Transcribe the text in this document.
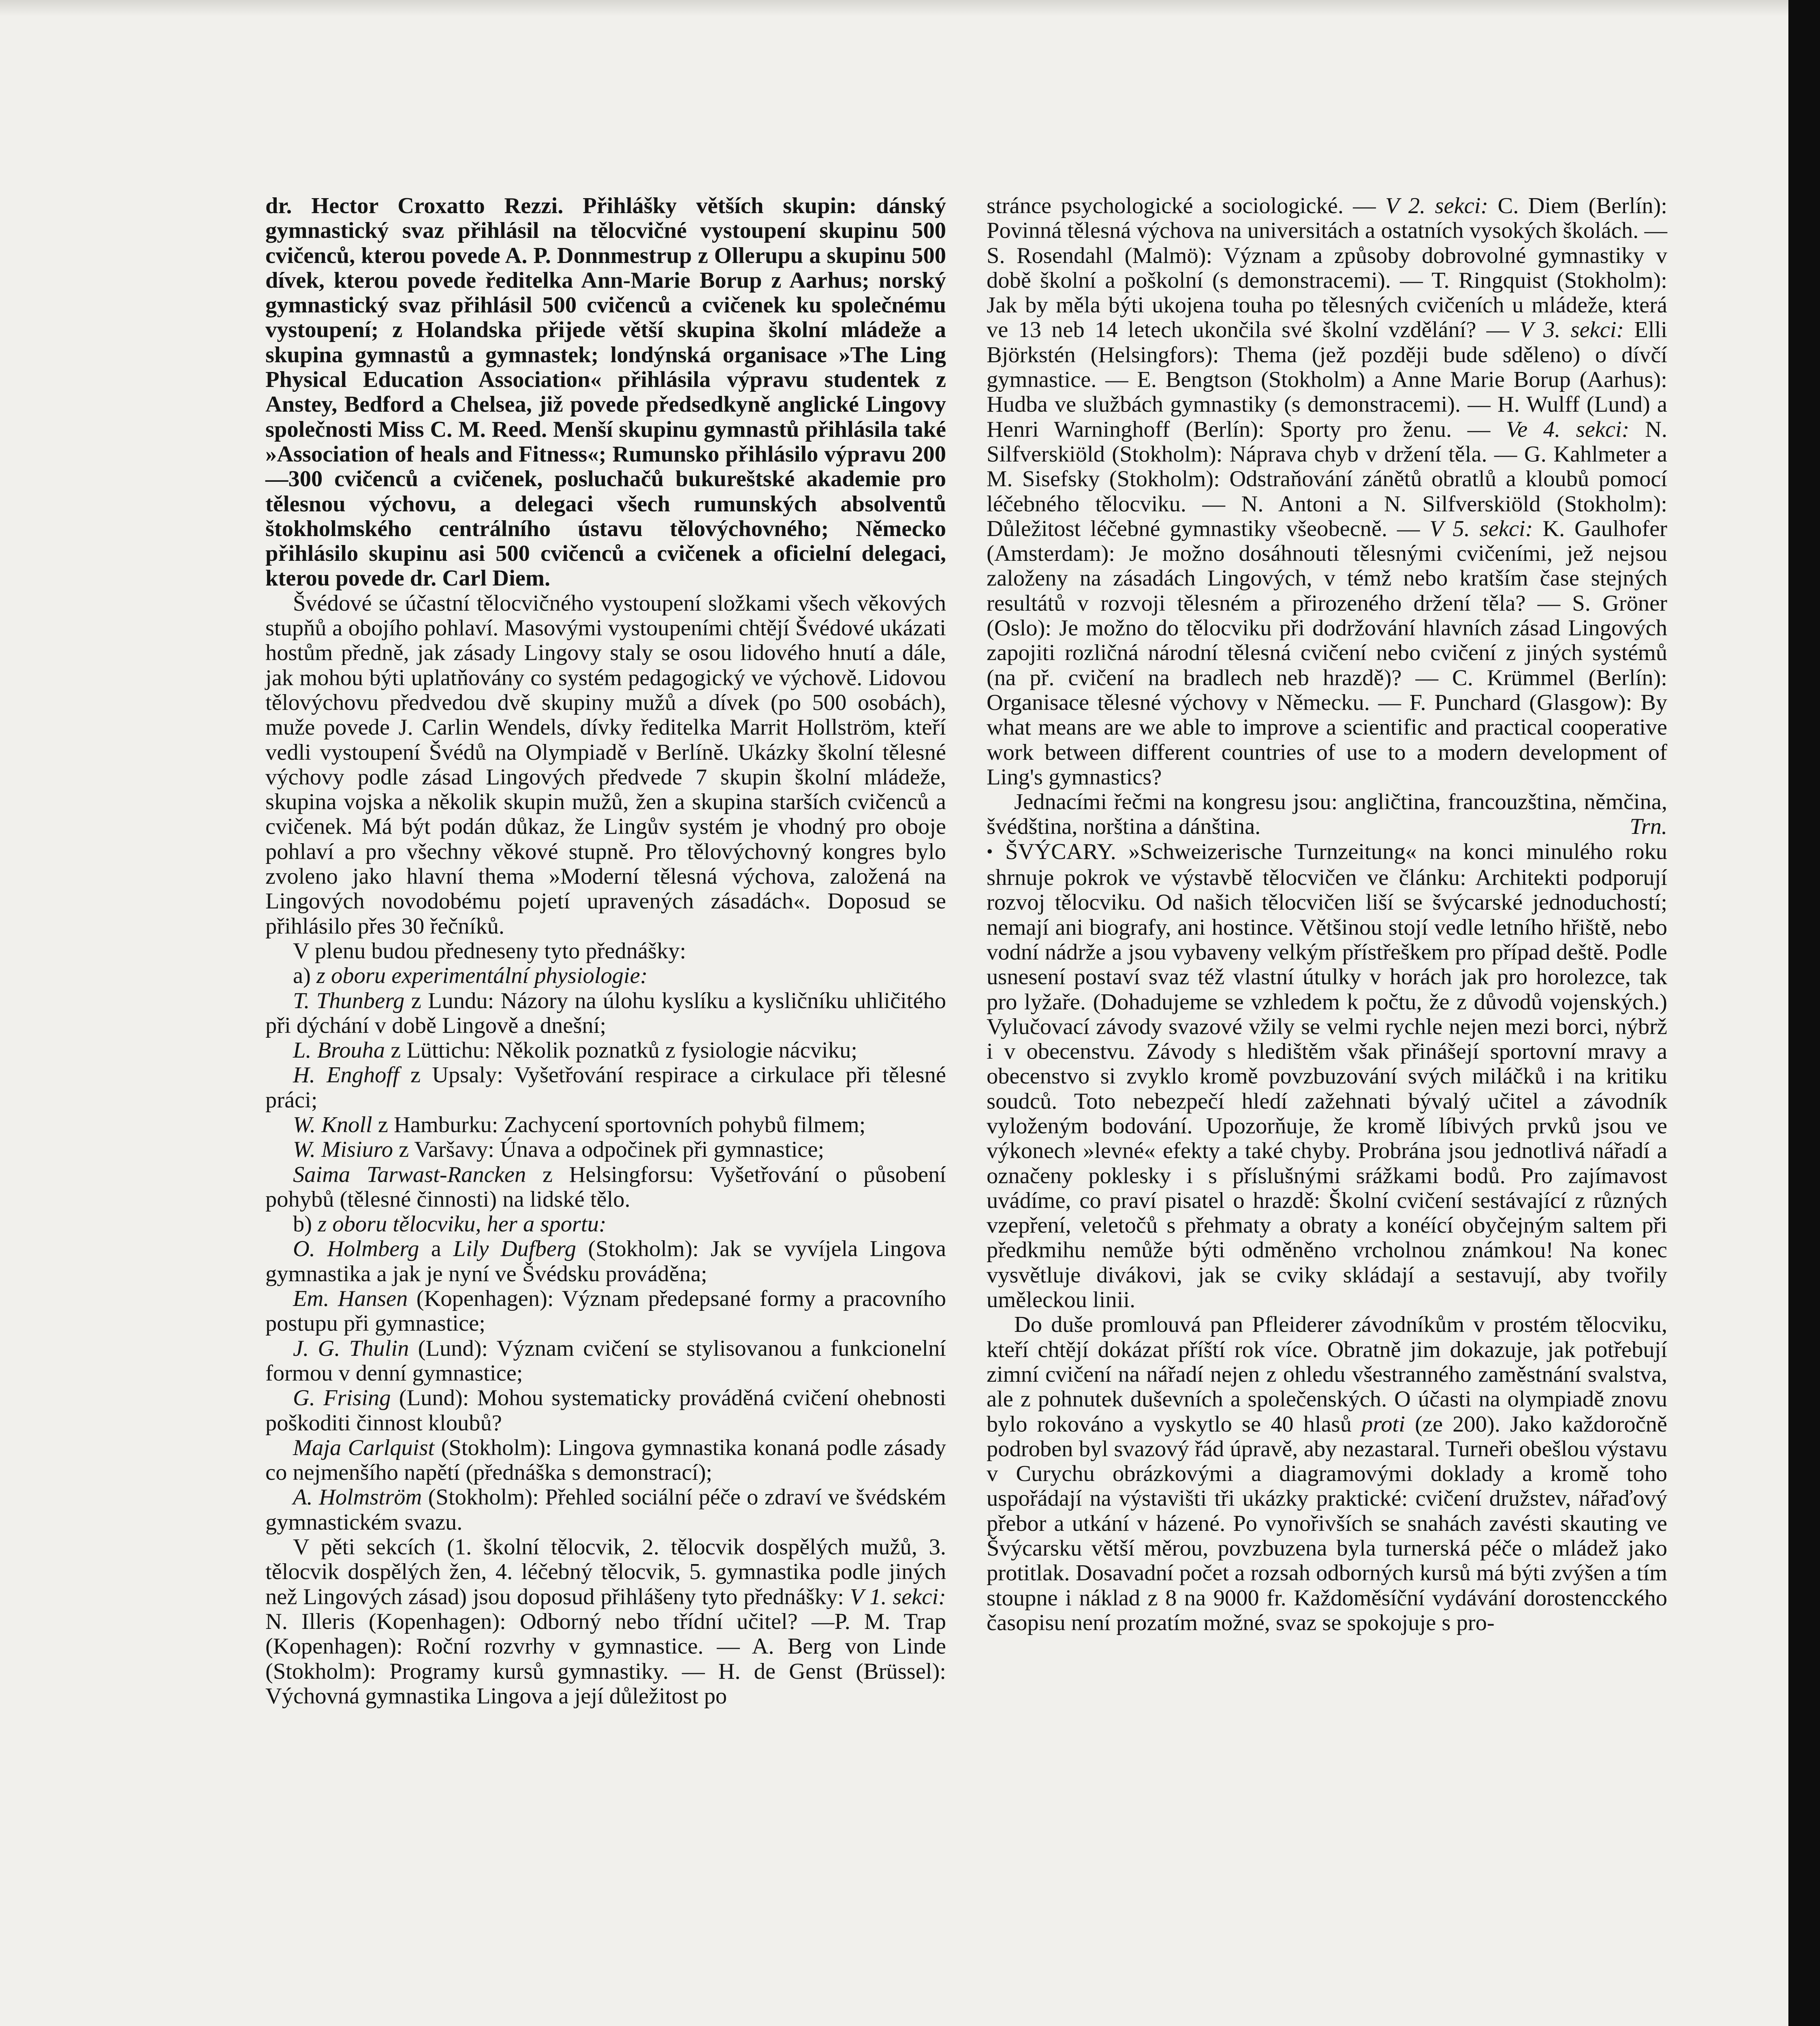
dr. Hector Croxatto Rezzi. Přihlášky větších skupin: dánský gymnastický svaz přihlásil na tělocvičné vystoupení skupinu 500 cvičenců, kterou povede A. P. Donnmestrup z Ollerupu a skupinu 500 dívek, kterou povede ředitelka Ann-Marie Borup z Aarhus; norský gymnastický svaz přihlásil 500 cvičenců a cvičenek ku společnému vystoupení; z Holandska přijede větší skupina školní mládeže a skupina gymnastů a gymnastek; londýnská organisace »The Ling Physical Education Association« přihlásila výpravu studentek z Anstey, Bedford a Chelsea, již povede předsedkyně anglické Lingovy společnosti Miss C. M. Reed. Menší skupinu gymnastů přihlásila také »Association of heals and Fitness«; Rumunsko přihlásilo výpravu 200—300 cvičenců a cvičenek, posluchačů bukureštské akademie pro tělesnou výchovu, a delegaci všech rumunských absolventů štokholmského centrálního ústavu tělovýchovného; Německo přihlásilo skupinu asi 500 cvičenců a cvičenek a oficielní delegaci, kterou povede dr. Carl Diem.

Švédové se účastní tělocvičného vystoupení složkami všech věkových stupňů a obojího pohlaví. Masovými vystoupeními chtějí Švédové ukázati hostům předně, jak zásady Lingovy staly se osou lidového hnutí a dále, jak mohou býti uplatňovány co systém pedagogický ve výchově. Lidovou tělovýchovu předvedou dvě skupiny mužů a dívek (po 500 osobách), muže povede J. Carlin Wendels, dívky ředitelka Marrit Hollström, kteří vedli vystoupení Švédů na Olympiadě v Berlíně. Ukázky školní tělesné výchovy podle zásad Lingových předvede 7 skupin školní mládeže, skupina vojska a několik skupin mužů, žen a skupina starších cvičenců a cvičenek. Má být podán důkaz, že Lingův systém je vhodný pro oboje pohlaví a pro všechny věkové stupně. Pro tělovýchovný kongres bylo zvoleno jako hlavní thema »Moderní tělesná výchova, založená na Lingových novodobému pojetí upravených zásadách«. Doposud se přihlásilo přes 30 řečníků.

V plenu budou předneseny tyto přednášky:

a) z oboru experimentální physiologie:

T. Thunberg z Lundu: Názory na úlohu kyslíku a kysličníku uhličitého při dýchání v době Lingově a dnešní;

L. Brouha z Lüttichu: Několik poznatků z fysiologie nácviku;

H. Enghoff z Upsaly: Vyšetřování respirace a cirkulace při tělesné práci;

W. Knoll z Hamburku: Zachycení sportovních pohybů filmem;

W. Misiuro z Varšavy: Únava a odpočinek při gymnastice;

Saima Tarwast-Rancken z Helsingforsu: Vyšetřování o působení pohybů (tělesné činnosti) na lidské tělo.

b) z oboru tělocviku, her a sportu:

O. Holmberg a Lily Dufberg (Stokholm): Jak se vyvíjela Lingova gymnastika a jak je nyní ve Švédsku prováděna;

Em. Hansen (Kopenhagen): Význam předepsané formy a pracovního postupu při gymnastice;

J. G. Thulin (Lund): Význam cvičení se stylisovanou a funkcionelní formou v denní gymnastice;

G. Frising (Lund): Mohou systematicky prováděná cvičení ohebnosti poškoditi činnost kloubů?

Maja Carlquist (Stokholm): Lingova gymnastika konaná podle zásady co nejmenšího napětí (přednáška s demonstrací);

A. Holmström (Stokholm): Přehled sociální péče o zdraví ve švédském gymnastickém svazu.

V pěti sekcích (1. školní tělocvik, 2. tělocvik dospělých mužů, 3. tělocvik dospělých žen, 4. léčebný tělocvik, 5. gymnastika podle jiných než Lingových zásad) jsou doposud přihlášeny tyto přednášky: V 1. sekci: N. Illeris (Kopenhagen): Odborný nebo třídní učitel? —P. M. Trap (Kopenhagen): Roční rozvrhy v gymnastice. — A. Berg von Linde (Stokholm): Programy kursů gymnastiky. — H. de Genst (Brüssel): Výchovná gymnastika Lingova a její důležitost po

stránce psychologické a sociologické. — V 2. sekci: C. Diem (Berlín): Povinná tělesná výchova na universitách a ostatních vysokých školách. — S. Rosendahl (Malmö): Význam a způsoby dobrovolné gymnastiky v době školní a poškolní (s demonstracemi). — T. Ringquist (Stokholm): Jak by měla býti ukojena touha po tělesných cvičeních u mládeže, která ve 13 neb 14 letech ukončila své školní vzdělání? — V 3. sekci: Elli Björkstén (Helsingfors): Thema (jež později bude sděleno) o dívčí gymnastice. — E. Bengtson (Stokholm) a Anne Marie Borup (Aarhus): Hudba ve službách gymnastiky (s demonstracemi). — H. Wulff (Lund) a Henri Warninghoff (Berlín): Sporty pro ženu. — Ve 4. sekci: N. Silfverskiöld (Stokholm): Náprava chyb v držení těla. — G. Kahlmeter a M. Sisefsky (Stokholm): Odstraňování zánětů obratlů a kloubů pomocí léčebného tělocviku. — N. Antoni a N. Silfverskiöld (Stokholm): Důležitost léčebné gymnastiky všeobecně. — V 5. sekci: K. Gaulhofer (Amsterdam): Je možno dosáhnouti tělesnými cvičeními, jež nejsou založeny na zásadách Lingových, v témž nebo kratším čase stejných resultátů v rozvoji tělesném a přirozeného držení těla? — S. Gröner (Oslo): Je možno do tělocviku při dodržování hlavních zásad Lingových zapojiti rozličná národní tělesná cvičení nebo cvičení z jiných systémů (na př. cvičení na bradlech neb hrazdě)? — C. Krümmel (Berlín): Organisace tělesné výchovy v Německu. — F. Punchard (Glasgow): By what means are we able to improve a scientific and practical cooperative work between different countries of use to a modern development of Ling's gymnastics?

Jednacími řečmi na kongresu jsou: angličtina, francouzština, němčina, švédština, norština a dánština.	Trn.

• ŠVÝCARY. »Schweizerische Turnzeitung« na konci minulého roku shrnuje pokrok ve výstavbě tělocvičen ve článku: Architekti podporují rozvoj tělocviku. Od našich tělocvičen liší se švýcarské jednoduchostí; nemají ani biografy, ani hostince. Většinou stojí vedle letního hřiště, nebo vodní nádrže a jsou vybaveny velkým přístřeškem pro případ deště. Podle usnesení postaví svaz též vlastní útulky v horách jak pro horolezce, tak pro lyžaře. (Dohadujeme se vzhledem k počtu, že z důvodů vojenských.) Vylučovací závody svazové vžily se velmi rychle nejen mezi borci, nýbrž i v obecenstvu. Závody s hledištěm však přinášejí sportovní mravy a obecenstvo si zvyklo kromě povzbuzování svých miláčků i na kritiku soudců. Toto nebezpečí hledí zažehnati bývalý učitel a závodník vyloženým bodování. Upozorňuje, že kromě líbivých prvků jsou ve výkonech »levné« efekty a také chyby. Probrána jsou jednotlivá nářadí a označeny poklesky i s příslušnými srážkami bodů. Pro zajímavost uvádíme, co praví pisatel o hrazdě: Školní cvičení sestávající z různých vzepření, veletočů s přehmaty a obraty a konéící obyčejným saltem při předkmihu nemůže býti odměněno vrcholnou známkou! Na konec vysvětluje divákovi, jak se cviky skládají a sestavují, aby tvořily uměleckou linii.

Do duše promlouvá pan Pfleiderer závodníkům v prostém tělocviku, kteří chtějí dokázat příští rok více. Obratně jim dokazuje, jak potřebují zimní cvičení na nářadí nejen z ohledu všestranného zaměstnání svalstva, ale z pohnutek duševních a společenských. O účasti na olympiadě znovu bylo rokováno a vyskytlo se 40 hlasů proti (ze 200). Jako každoročně podroben byl svazový řád úpravě, aby nezastaral. Turneři obešlou výstavu v Curychu obrázkovými a diagramovými doklady a kromě toho uspořádají na výstavišti tři ukázky praktické: cvičení družstev, nářaďový přebor a utkání v házené. Po vynořivších se snahách zavésti skauting ve Švýcarsku větší měrou, povzbuzena byla turnerská péče o mládež jako protitlak. Dosavadní počet a rozsah odborných kursů má býti zvýšen a tím stoupne i náklad z 8 na 9000 fr. Každoměsíční vydávání dorostencckého časopisu není prozatím možné, svaz se spokojuje s pro-
